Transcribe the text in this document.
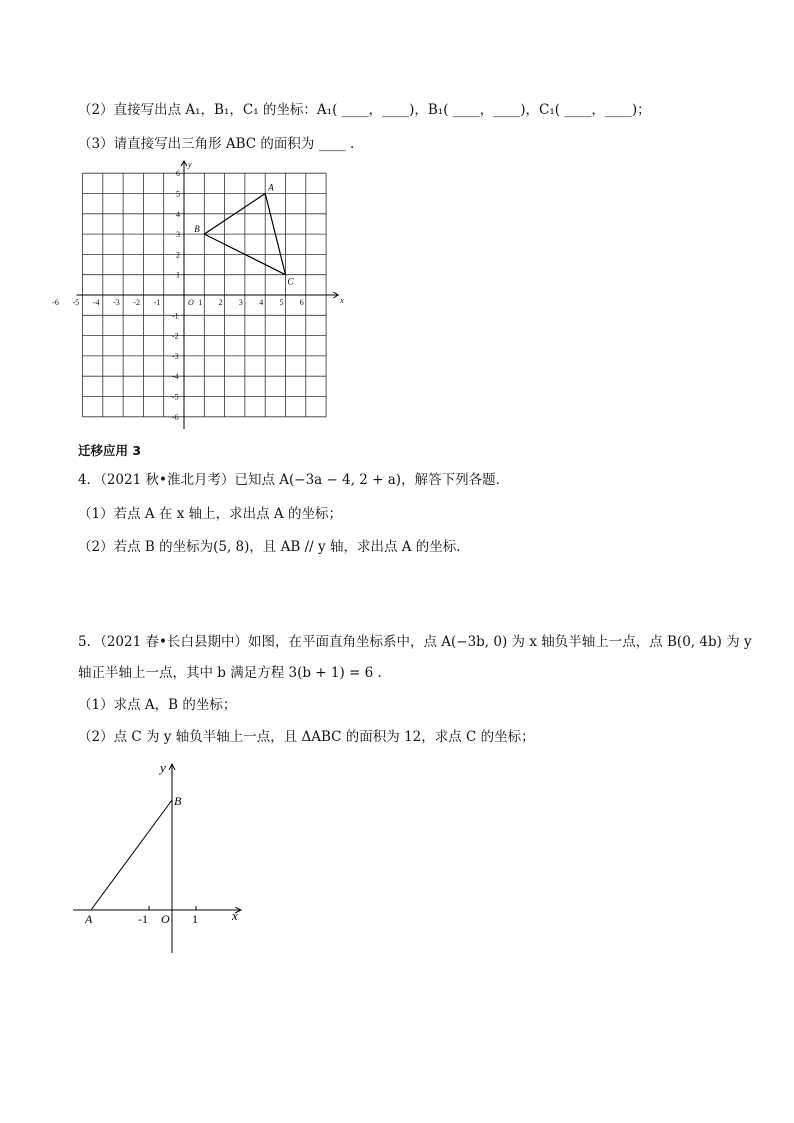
（2）直接写出点 A₁，B₁，C₁ 的坐标：A₁( ____，____)，B₁( ____，____)，C₁( ____，____)；
（3）请直接写出三角形 ABC 的面积为 ____ .
-6 -5 -4 -3 -2 -1	1 2 3 4 5 6
1
2
3
4
5
6
-1
-2
-3
-4
-5
-6
O	x
y
A
B
C
迁移应用 3
4．（2021 秋•淮北月考）已知点 A(−3a − 4, 2 + a)，解答下列各题．
（1）若点 A 在 x 轴上，求出点 A 的坐标；
（2）若点 B 的坐标为(5, 8)，且 AB // y 轴，求出点 A 的坐标．
5．（2021 春•长白县期中）如图，在平面直角坐标系中，点 A(−3b, 0) 为 x 轴负半轴上一点，点 B(0, 4b) 为 y
轴正半轴上一点，其中 b 满足方程 3(b + 1) = 6 ．
（1）求点 A，B 的坐标；
（2）点 C 为 y 轴负半轴上一点，且 ΔABC 的面积为 12，求点 C 的坐标；
y
x
B
A	-1 O 1
